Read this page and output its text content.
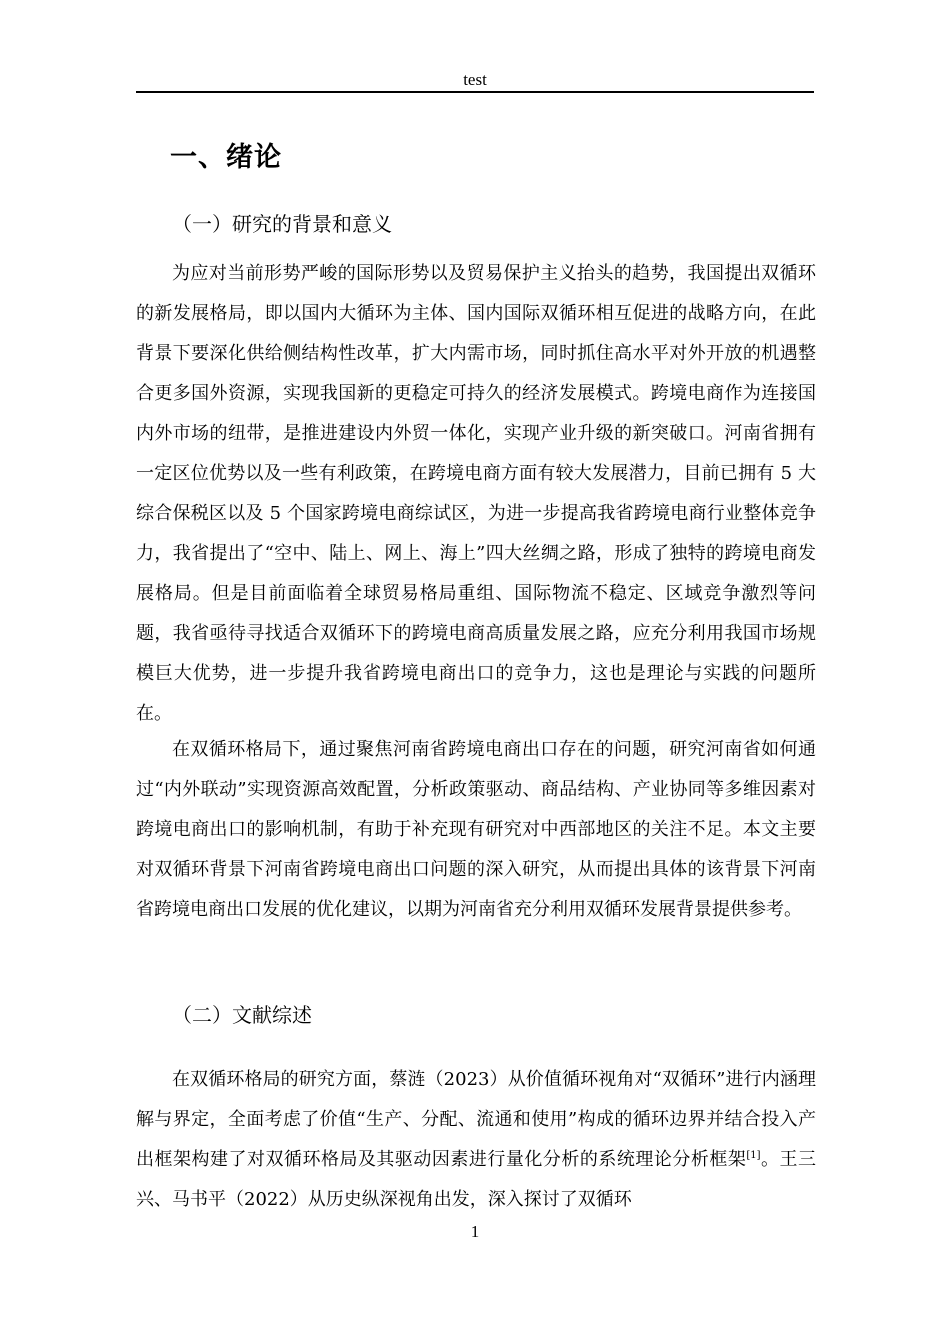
test
一、绪论
（一）研究的背景和意义

为应对当前形势严峻的国际形势以及贸易保护主义抬头的趋势，我国提出双循环的新发展格局，即以国内大循环为主体、国内国际双循环相互促进的战略方向，在此背景下要深化供给侧结构性改革，扩大内需市场，同时抓住高水平对外开放的机遇整合更多国外资源，实现我国新的更稳定可持久的经济发展模式。跨境电商作为连接国内外市场的纽带，是推进建设内外贸一体化，实现产业升级的新突破口。河南省拥有一定区位优势以及一些有利政策，在跨境电商方面有较大发展潜力，目前已拥有 5 大综合保税区以及 5 个国家跨境电商综试区，为进一步提高我省跨境电商行业整体竞争力，我省提出了“空中、陆上、网上、海上”四大丝绸之路，形成了独特的跨境电商发展格局。但是目前面临着全球贸易格局重组、国际物流不稳定、区域竞争激烈等问题，我省亟待寻找适合双循环下的跨境电商高质量发展之路，应充分利用我国市场规模巨大优势，进一步提升我省跨境电商出口的竞争力，这也是理论与实践的问题所在。

在双循环格局下，通过聚焦河南省跨境电商出口存在的问题，研究河南省如何通过“内外联动”实现资源高效配置，分析政策驱动、商品结构、产业协同等多维因素对跨境电商出口的影响机制，有助于补充现有研究对中西部地区的关注不足。本文主要对双循环背景下河南省跨境电商出口问题的深入研究，从而提出具体的该背景下河南省跨境电商出口发展的优化建议，以期为河南省充分利用双循环发展背景提供参考。

（二）文献综述

在双循环格局的研究方面，蔡涟（2023）从价值循环视角对“双循环”进行内涵理解与界定，全面考虑了价值“生产、分配、流通和使用”构成的循环边界并结合投入产出框架构建了对双循环格局及其驱动因素进行量化分析的系统理论分析框架[1]。王三兴、马书平（2022）从历史纵深视角出发，深入探讨了双循环

1
